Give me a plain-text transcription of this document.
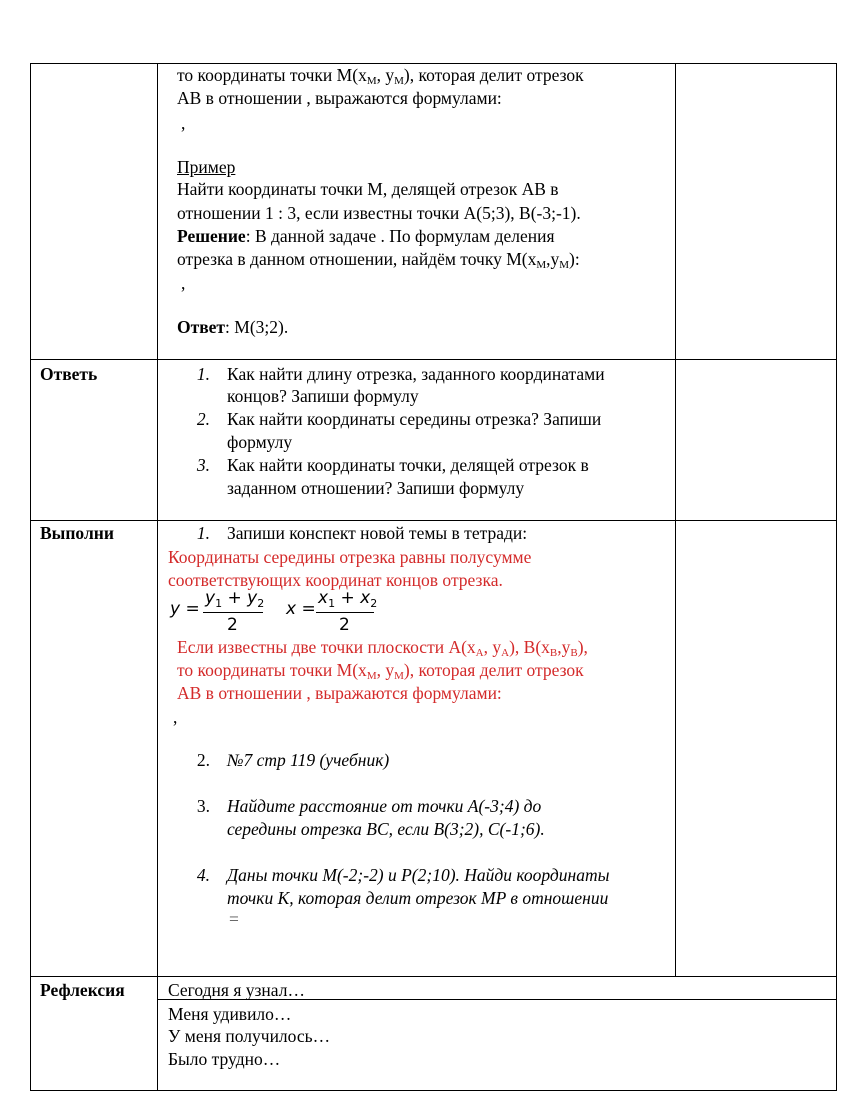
то координаты точки $M(x_M$, $y_M$), которая делит отрезок
AB в отношении , выражаются формулами:
,
Пример
Найти координаты точки M, делящей отрезок AB в
отношении 1 : 3, если известны точки A(5;3), B(-3;-1).
Решение: В данной задаче . По формулам деления
отрезка в данном отношении, найдём точку $M(x_M,y_M)$:
,
Ответ: M(3;2).
Ответь	1. Как найти длину отрезка, заданного координатами
концов? Запиши формулу
2. Как найти координаты середины отрезка? Запиши
формулу
3. Как найти координаты точки, делящей отрезок в
заданном отношении? Запиши формулу
Выполни	1. Запиши конспект новой темы в тетради:
Координаты середины отрезка равны полусумме
соответствующих координат концов отрезка.
y =
$y_1 + y_2$
2
x =
$x_1 + x_2$
2
Если известны две точки плоскости $A(x_A$, $y_A$), $B(x_B,y_B)$,
то координаты точки $M(x_M$, $y_M$), которая делит отрезок
AB в отношении , выражаются формулами:
,
2. №7 стр 119 (учебник)
3. Найдите расстояние от точки A(-3;4) до
середины отрезка BC, если B(3;2), C(-1;6).
4. Даны точки M(-2;-2) и P(2;10). Найди координаты
точки K, которая делит отрезок MP в отношении
=
Рефлексия Сегодня я узнал…
Меня удивило…
У меня получилось…
Было трудно…
